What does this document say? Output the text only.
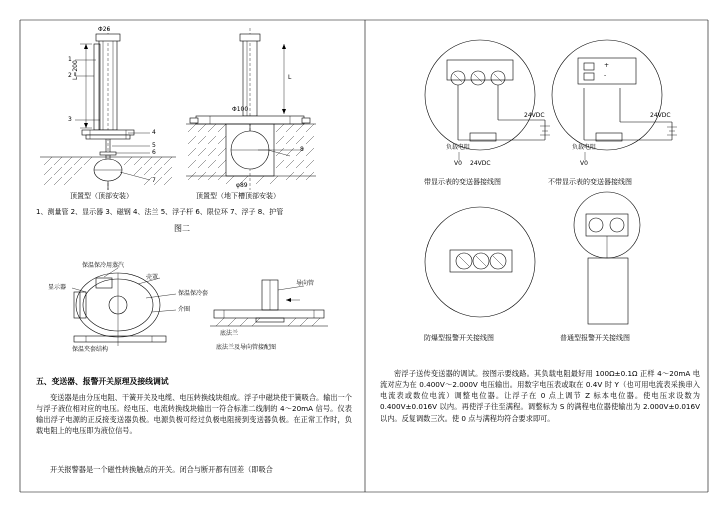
L=200
Φ26
Φ100
φ89
L
1
2
3
4
5
6
7
8
顶置型（顶部安装）	顶置型（地下槽顶部安装）
1、测量管 2、显示器 3、磁钢 4、法兰 5、浮子杆 6、限位环 7、浮子 8、护管
图二
保温保冷用蒸汽
壳罩
显示器
保温保冷套
介圈
导向管
底法兰
保温夹套结构	底法兰及导向管接配图
24VDC
负载电阻
V0 24VDC
+
-
24VDC
负载电阻
V0
带显示表的变送器接线图	不带显示表的变送器接线图
防爆型报警开关接线图	普通型报警开关接线图
五、变送器、报警开关原理及接线调试
变送器是由分压电阻、干簧开关及电缆、电压转换线块组成。浮子中磁块使干簧吸合。输出一个与浮子液位相对应的电压。经电压、电流转换线块输出一符合标准二线制的 4～20mA 信号。仪表输出浮子电源的正反接变送器负极。电源负极可经过负极电阻接到变送器负极。在正常工作时，负载电阻上的电压即为液位信号。
开关报警器是一个磁性转换触点的开关。闭合与断开都有回差（即吸合
密浮子送传变送器的调试。按图示要线路。其负载电阻最好用 100Ω±0.1Ω 正样 4～20mA 电流对应为在 0.400V～2.000V 电压输出。用数字电压表或取在 0.4V 时 Y（也可用电流表采换串入电流表或数位电流）调整电位器。让浮子在 0 点上调节 Z 标本电位器。使电压求设数为 0.400V±0.016V 以内。再使浮子往至满程。调整标为 S 的满程电位器使输出为 2.000V±0.016V 以内。反复调数三次。使 0 点与满程均符合要求即可。
